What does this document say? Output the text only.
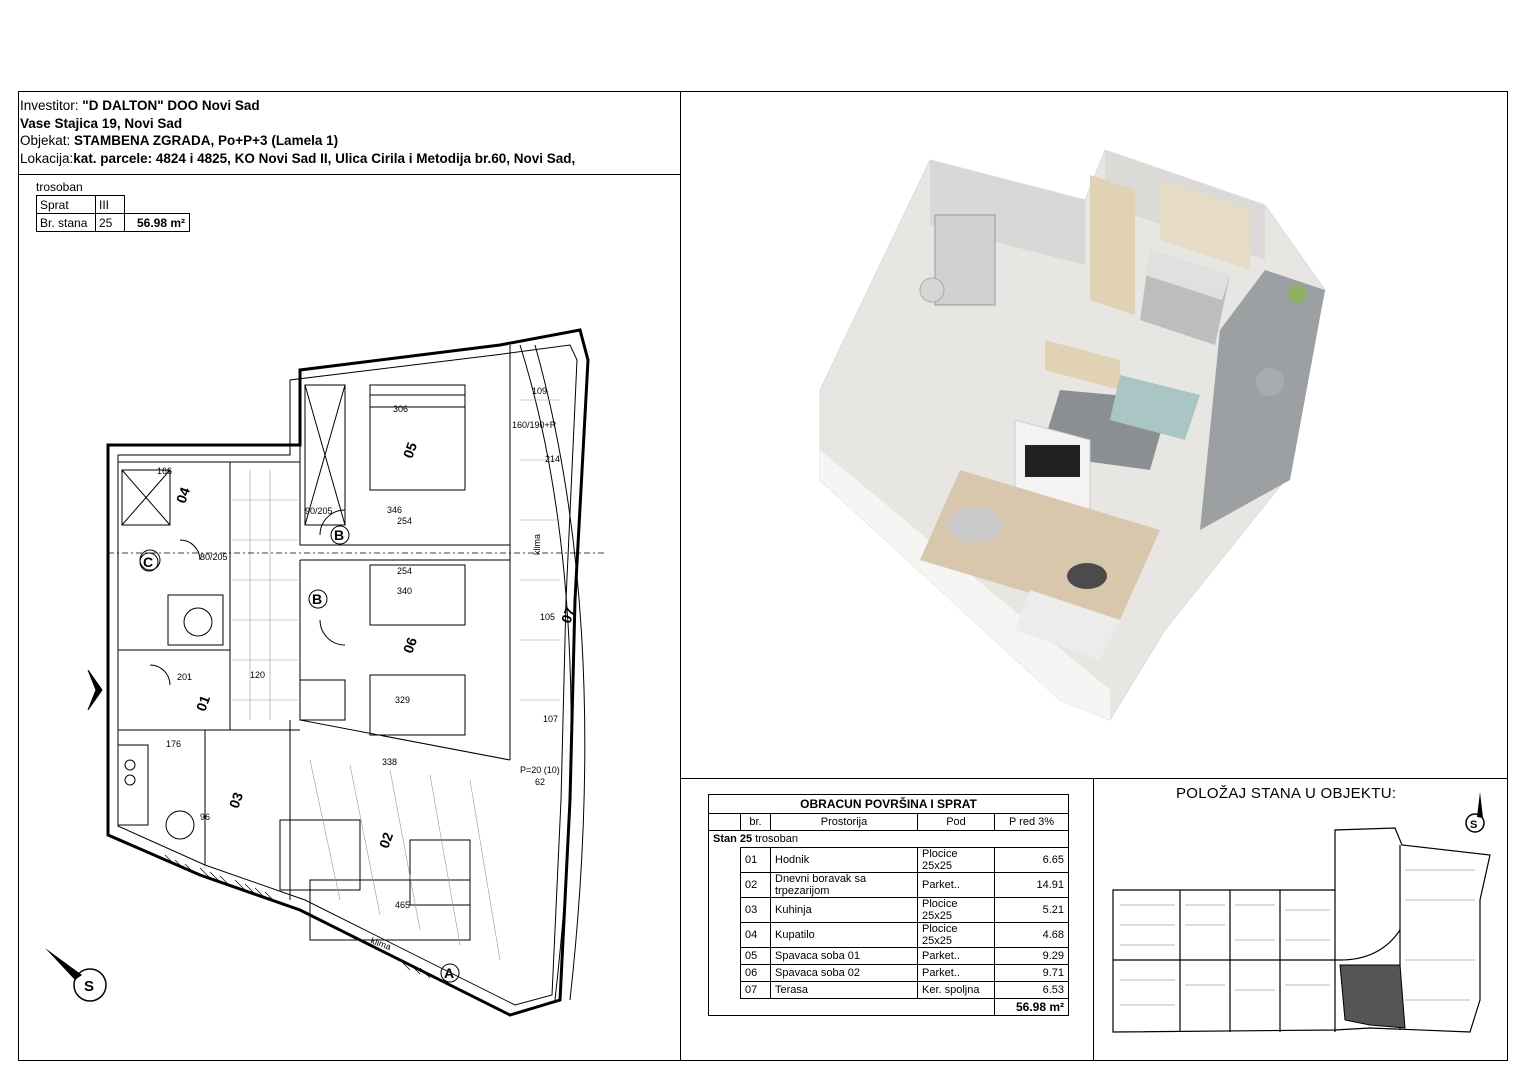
Investitor: "D DALTON" DOO Novi Sad
Vase Stajica 19, Novi Sad
Objekat: STAMBENA ZGRADA, Po+P+3 (Lamela 1)
Lokacija:kat. parcele: 4824 i 4825, KO Novi Sad II, Ulica Cirila i Metodija br.60, Novi Sad,
trosoban
Sprat	III	
Br. stana	25	56.98 m²
05
06
04
C
01
03
02
07
B
B
A
306
346
254
254
340
329
338
465
166
201
176
109
214
120
105
107
96
62
klima
klima
90/205
80/205
160/190+R
P=20 (10)
S
OBRACUN POVRŠINA I SPRAT				
	br.	Prostorija	Pod	P red 3%
Stan 25 trosoban				
	01	Hodnik	Plocice 25x25	6.65
	02	Dnevni boravak sa trpezarijom	Parket..	14.91
	03	Kuhinja	Plocice 25x25	5.21
	04	Kupatilo	Plocice 25x25	4.68
	05	Spavaca soba 01	Parket..	9.29
	06	Spavaca soba 02	Parket..	9.71
	07	Terasa	Ker. spoljna	6.53
				56.98 m²
POLOŽAJ STANA U OBJEKTU:
S
